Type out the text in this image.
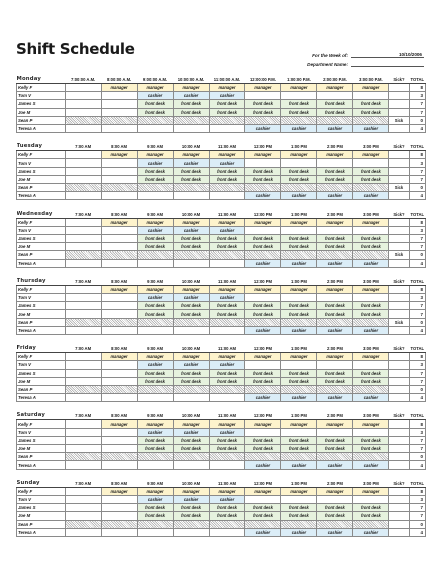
Shift Schedule	For the Week of:	10/10/2006
Department Name:
Monday	7:00:00 A.M.	8:00:00 A.M.	9:00:00 A.M.	10:00:00 A.M.	11:00:00 A.M.	12:00:00 P.M.	1:00:00 P.M.	2:00:00 P.M.	3:00:00 P.M.	Sick?	TOTAL
Kelly F		manager	manager	manager	manager	manager	manager	manager	manager		8
Tom V			cashier	cashier	cashier						3
James S			front desk	front desk	front desk	front desk	front desk	front desk	front desk		7
Joe M			front desk	front desk	front desk	front desk	front desk	front desk	front desk		7
Sean P										Sick	0
Teresa A						cashier	cashier	cashier	cashier		4
Tuesday	7:00 AM	8:00 AM	9:00 AM	10:00 AM	11:00 AM	12:00 PM	1:00 PM	2:00 PM	3:00 PM	Sick?	TOTAL
Kelly F		manager	manager	manager	manager	manager	manager	manager	manager		8
Tom V			cashier	cashier	cashier						3
James S			front desk	front desk	front desk	front desk	front desk	front desk	front desk		7
Joe M			front desk	front desk	front desk	front desk	front desk	front desk	front desk		7
Sean P										Sick	0
Teresa A						cashier	cashier	cashier	cashier		4
Wednesday	7:00 AM	8:00 AM	9:00 AM	10:00 AM	11:00 AM	12:00 PM	1:00 PM	2:00 PM	3:00 PM	Sick?	TOTAL
Kelly F		manager	manager	manager	manager	manager	manager	manager	manager		8
Tom V			cashier	cashier	cashier						3
James S			front desk	front desk	front desk	front desk	front desk	front desk	front desk		7
Joe M			front desk	front desk	front desk	front desk	front desk	front desk	front desk		7
Sean P										Sick	0
Teresa A						cashier	cashier	cashier	cashier		4
Thursday	7:00 AM	8:00 AM	9:00 AM	10:00 AM	11:00 AM	12:00 PM	1:00 PM	2:00 PM	3:00 PM	Sick?	TOTAL
Kelly F		manager	manager	manager	manager	manager	manager	manager	manager		8
Tom V			cashier	cashier	cashier						3
James S			front desk	front desk	front desk	front desk	front desk	front desk	front desk		7
Joe M			front desk	front desk	front desk	front desk	front desk	front desk	front desk		7
Sean P										Sick	0
Teresa A						cashier	cashier	cashier	cashier		4
Friday	7:00 AM	8:00 AM	9:00 AM	10:00 AM	11:00 AM	12:00 PM	1:00 PM	2:00 PM	3:00 PM	Sick?	TOTAL
Kelly F		manager	manager	manager	manager	manager	manager	manager	manager		8
Tom V			cashier	cashier	cashier						3
James S			front desk	front desk	front desk	front desk	front desk	front desk	front desk		7
Joe M			front desk	front desk	front desk	front desk	front desk	front desk	front desk		7
Sean P											0
Teresa A						cashier	cashier	cashier	cashier		4
Saturday	7:00 AM	8:00 AM	9:00 AM	10:00 AM	11:00 AM	12:00 PM	1:00 PM	2:00 PM	3:00 PM	Sick?	TOTAL
Kelly F		manager	manager	manager	manager	manager	manager	manager	manager		8
Tom V			cashier	cashier	cashier						3
James S			front desk	front desk	front desk	front desk	front desk	front desk	front desk		7
Joe M			front desk	front desk	front desk	front desk	front desk	front desk	front desk		7
Sean P											0
Teresa A						cashier	cashier	cashier	cashier		4
Sunday	7:00 AM	8:00 AM	9:00 AM	10:00 AM	11:00 AM	12:00 PM	1:00 PM	2:00 PM	3:00 PM	Sick?	TOTAL
Kelly F		manager	manager	manager	manager	manager	manager	manager	manager		8
Tom V			cashier	cashier	cashier						3
James S			front desk	front desk	front desk	front desk	front desk	front desk	front desk		7
Joe M			front desk	front desk	front desk	front desk	front desk	front desk	front desk		7
Sean P											0
Teresa A						cashier	cashier	cashier	cashier		4
